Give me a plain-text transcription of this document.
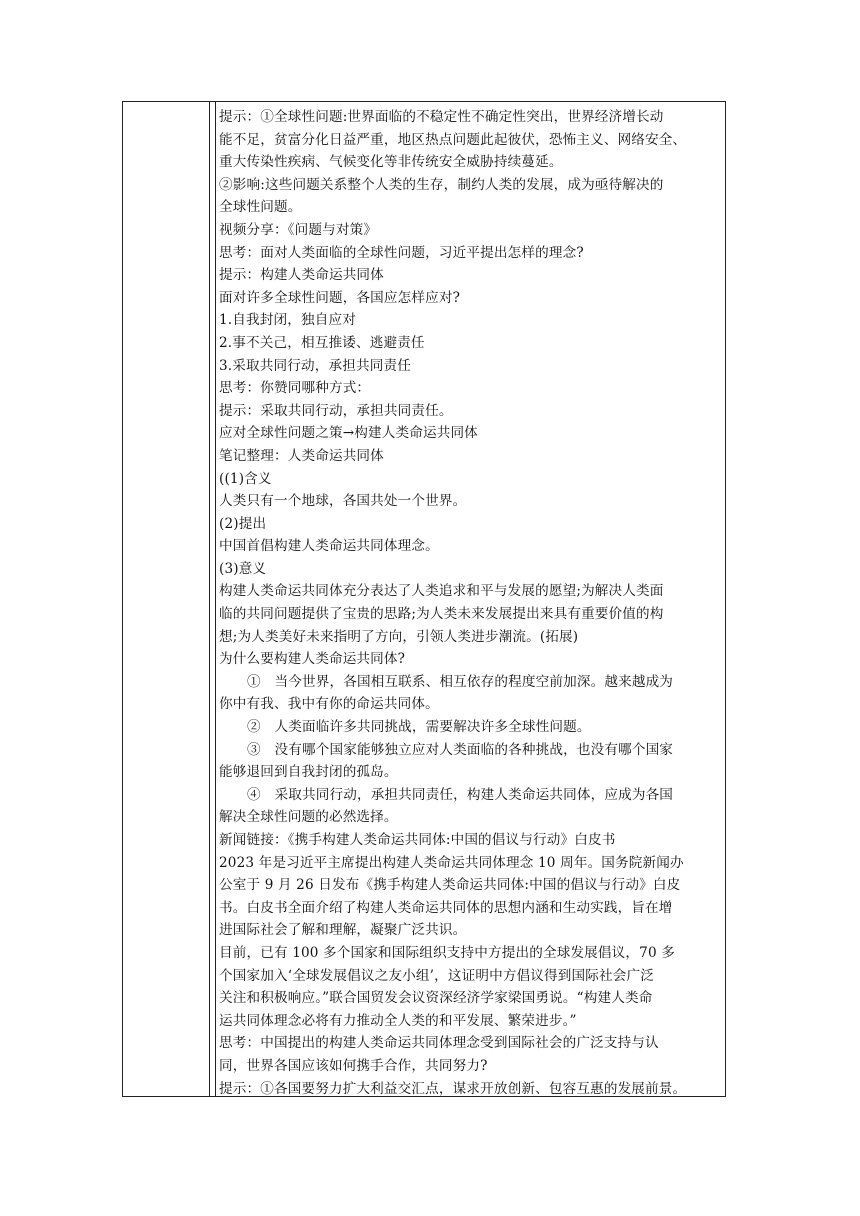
提示：①全球性问题:世界面临的不稳定性不确定性突出，世界经济增长动
能不足，贫富分化日益严重，地区热点问题此起彼伏，恐怖主义、网络安全、
重大传染性疾病、气候变化等非传统安全威胁持续蔓延。
②影响:这些问题关系整个人类的生存，制约人类的发展，成为亟待解决的
全球性问题。
视频分享：《问题与对策》
思考：面对人类面临的全球性问题，习近平提出怎样的理念?
提示：构建人类命运共同体
面对许多全球性问题，各国应怎样应对?
1.自我封闭，独自应对
2.事不关己，相互推诿、逃避责任
3.采取共同行动，承担共同责任
思考：你赞同哪种方式：
提示：采取共同行动，承担共同责任。
应对全球性问题之策→构建人类命运共同体
笔记整理：人类命运共同体
((1)含义
人类只有一个地球，各国共处一个世界。
(2)提出
中国首倡构建人类命运共同体理念。
(3)意义
构建人类命运共同体充分表达了人类追求和平与发展的愿望;为解决人类面
临的共同问题提供了宝贵的思路;为人类未来发展提出来具有重要价值的构
想;为人类美好未来指明了方向，引领人类进步潮流。(拓展)
为什么要构建人类命运共同体?
①　当今世界，各国相互联系、相互依存的程度空前加深。越来越成为
你中有我、我中有你的命运共同体。
②　人类面临许多共同挑战，需要解决许多全球性问题。
③　没有哪个国家能够独立应对人类面临的各种挑战，也没有哪个国家
能够退回到自我封闭的孤岛。
④　采取共同行动，承担共同责任，构建人类命运共同体，应成为各国
解决全球性问题的必然选择。
新闻链接：《携手构建人类命运共同体:中国的倡议与行动》白皮书
2023 年是习近平主席提出构建人类命运共同体理念 10 周年。国务院新闻办
公室于 9 月 26 日发布《携手构建人类命运共同体:中国的倡议与行动》白皮
书。白皮书全面介绍了构建人类命运共同体的思想内涵和生动实践，旨在增
进国际社会了解和理解，凝聚广泛共识。
目前，已有 100 多个国家和国际组织支持中方提出的全球发展倡议，70 多
个国家加入‘全球发展倡议之友小组’，这证明中方倡议得到国际社会广泛
关注和积极响应。”联合国贸发会议资深经济学家梁国勇说。“构建人类命
运共同体理念必将有力推动全人类的和平发展、繁荣进步。”
思考：中国提出的构建人类命运共同体理念受到国际社会的广泛支持与认
同，世界各国应该如何携手合作，共同努力?
提示：①各国要努力扩大利益交汇点，谋求开放创新、包容互惠的发展前景。
